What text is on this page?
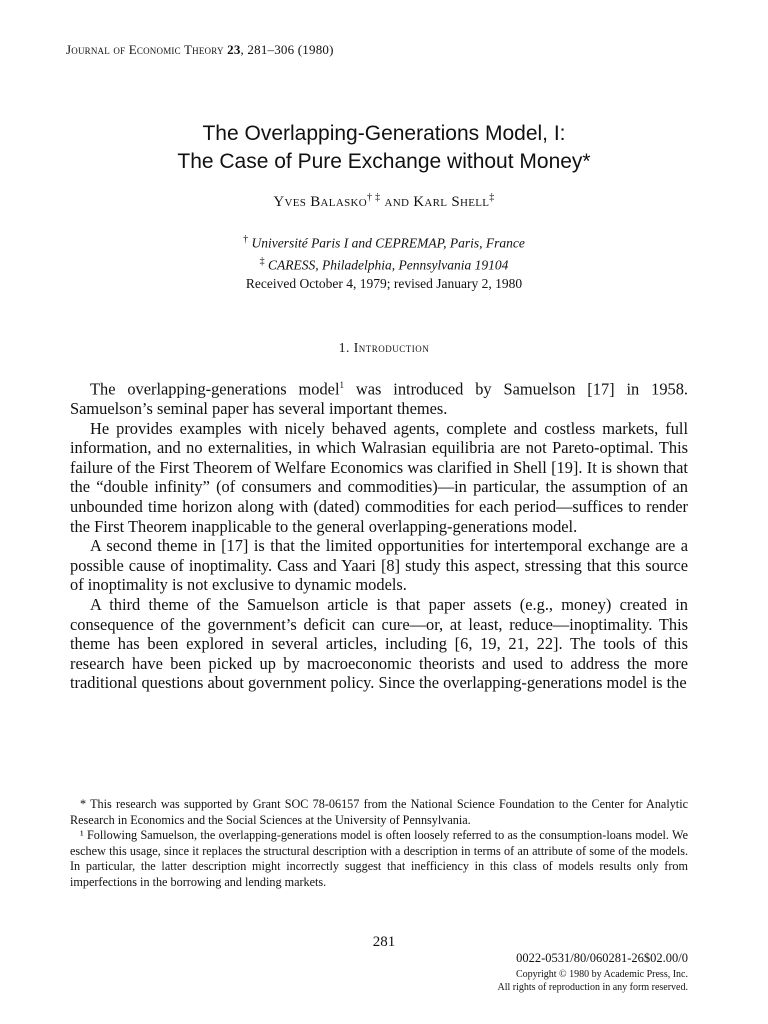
Journal of Economic Theory 23, 281–306 (1980)
The Overlapping-Generations Model, I:
The Case of Pure Exchange without Money*
Yves Balasko† ‡ and Karl Shell‡
† Université Paris I and CEPREMAP, Paris, France
‡ CARESS, Philadelphia, Pennsylvania 19104
Received October 4, 1979; revised January 2, 1980
1. Introduction

The overlapping-generations model$^1$ was introduced by Samuelson [17] in 1958. Samuelson’s seminal paper has several important themes.

He provides examples with nicely behaved agents, complete and costless markets, full information, and no externalities, in which Walrasian equilibria are not Pareto-optimal. This failure of the First Theorem of Welfare Economics was clarified in Shell [19]. It is shown that the “double infinity” (of consumers and commodities)—in particular, the assumption of an unbounded time horizon along with (dated) commodities for each period—suffices to render the First Theorem inapplicable to the general overlapping-generations model.

A second theme in [17] is that the limited opportunities for intertemporal exchange are a possible cause of inoptimality. Cass and Yaari [8] study this aspect, stressing that this source of inoptimality is not exclusive to dynamic models.

A third theme of the Samuelson article is that paper assets (e.g., money) created in consequence of the government’s deficit can cure—or, at least, reduce—inoptimality. This theme has been explored in several articles, including [6, 19, 21, 22]. The tools of this research have been picked up by macroeconomic theorists and used to address the more traditional questions about government policy. Since the overlapping-generations model is the

* This research was supported by Grant SOC 78-06157 from the National Science Foundation to the Center for Analytic Research in Economics and the Social Sciences at the University of Pennsylvania.

¹ Following Samuelson, the overlapping-generations model is often loosely referred to as the consumption-loans model. We eschew this usage, since it replaces the structural description with a description in terms of an attribute of some of the models. In particular, the latter description might incorrectly suggest that inefficiency in this class of models results only from imperfections in the borrowing and lending markets.

281
0022-0531/80/060281-26$02.00/0
Copyright © 1980 by Academic Press, Inc.
All rights of reproduction in any form reserved.
